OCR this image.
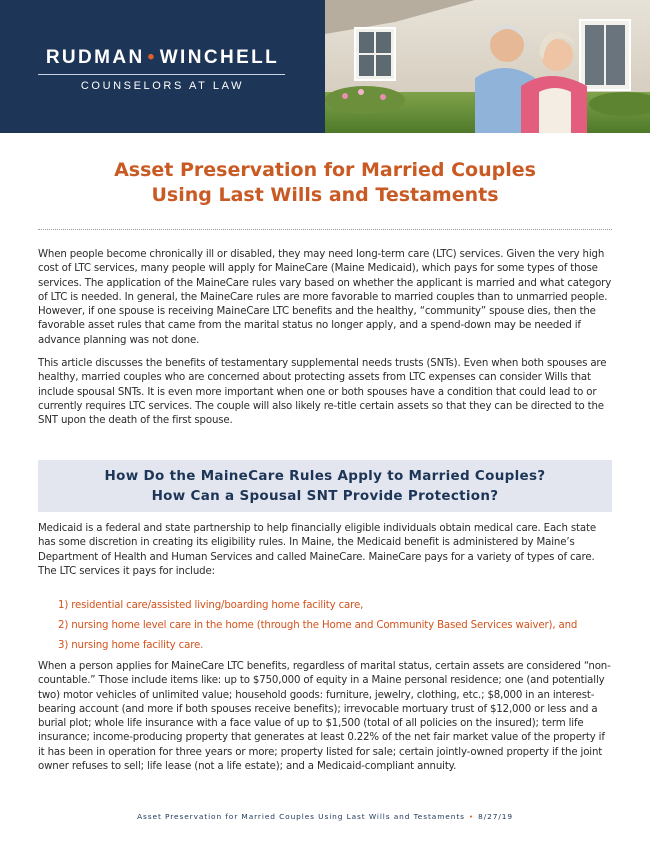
RUDMAN • WINCHELL
COUNSELORS AT LAW
Asset Preservation for Married Couples
Using Last Wills and Testaments

When people become chronically ill or disabled, they may need long-term care (LTC) services. Given the very high cost of LTC services, many people will apply for MaineCare (Maine Medicaid), which pays for some types of those services. The application of the MaineCare rules vary based on whether the applicant is married and what category of LTC is needed. In general, the MaineCare rules are more favorable to married couples than to unmarried people. However, if one spouse is receiving MaineCare LTC benefits and the healthy, “community” spouse dies, then the favorable asset rules that came from the marital status no longer apply, and a spend-down may be needed if advance planning was not done.

This article discusses the benefits of testamentary supplemental needs trusts (SNTs). Even when both spouses are healthy, married couples who are concerned about protecting assets from LTC expenses can consider Wills that include spousal SNTs. It is even more important when one or both spouses have a condition that could lead to or currently requires LTC services. The couple will also likely re-title certain assets so that they can be directed to the SNT upon the death of the first spouse.

How Do the MaineCare Rules Apply to Married Couples?
How Can a Spousal SNT Provide Protection?

Medicaid is a federal and state partnership to help financially eligible individuals obtain medical care. Each state has some discretion in creating its eligibility rules. In Maine, the Medicaid benefit is administered by Maine’s Department of Health and Human Services and called MaineCare. MaineCare pays for a variety of types of care. The LTC services it pays for include:

1) residential care/assisted living/boarding home facility care,
2) nursing home level care in the home (through the Home and Community Based Services waiver), and
3) nursing home facility care.

When a person applies for MaineCare LTC benefits, regardless of marital status, certain assets are considered “non-countable.” Those include items like: up to $750,000 of equity in a Maine personal residence; one (and potentially two) motor vehicles of unlimited value; household goods: furniture, jewelry, clothing, etc.; $8,000 in an interest-bearing account (and more if both spouses receive benefits); irrevocable mortuary trust of $12,000 or less and a burial plot; whole life insurance with a face value of up to $1,500 (total of all policies on the insured); term life insurance; income-producing property that generates at least 0.22% of the net fair market value of the property if it has been in operation for three years or more; property listed for sale; certain jointly-owned property if the joint owner refuses to sell; life lease (not a life estate); and a Medicaid-compliant annuity.

Asset Preservation for Married Couples Using Last Wills and Testaments • 8/27/19
